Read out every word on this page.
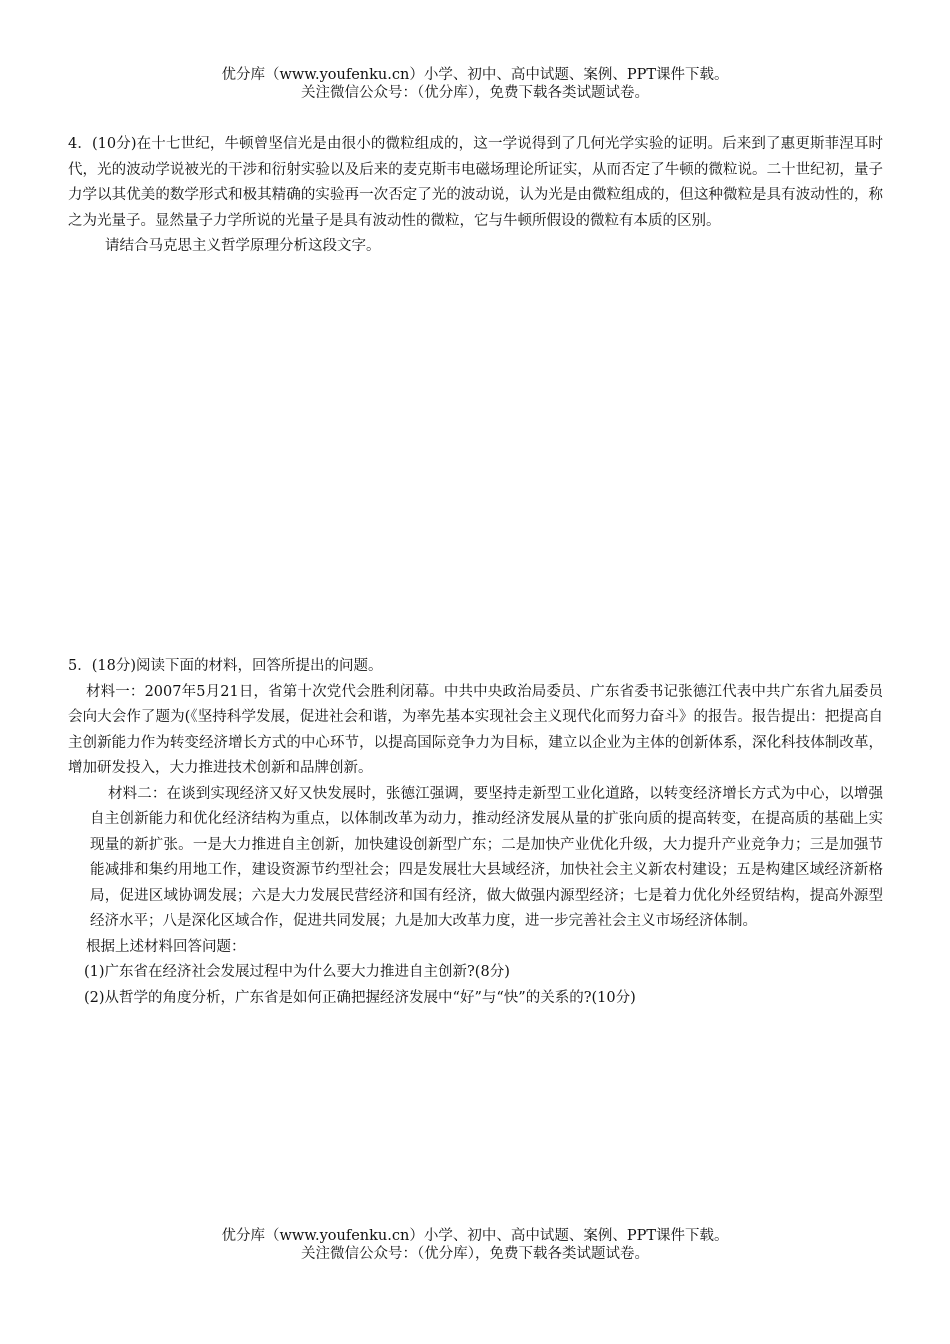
优分库（www.youfenku.cn）小学、初中、高中试题、案例、PPT课件下载。
关注微信公众号：（优分库），免费下载各类试题试卷。

4．(10分)在十七世纪，牛顿曾坚信光是由很小的微粒组成的，这一学说得到了几何光学实验的证明。后来到了惠更斯菲涅耳时代，光的波动学说被光的干涉和衍射实验以及后来的麦克斯韦电磁场理论所证实，从而否定了牛顿的微粒说。二十世纪初，量子力学以其优美的数学形式和极其精确的实验再一次否定了光的波动说，认为光是由微粒组成的，但这种微粒是具有波动性的，称之为光量子。显然量子力学所说的光量子是具有波动性的微粒，它与牛顿所假设的微粒有本质的区别。

请结合马克思主义哲学原理分析这段文字。

5．(18分)阅读下面的材料，回答所提出的问题。

材料一：2007年5月21日，省第十次党代会胜利闭幕。中共中央政治局委员、广东省委书记张德江代表中共广东省九届委员会向大会作了题为(《坚持科学发展，促进社会和谐，为率先基本实现社会主义现代化而努力奋斗》的报告。报告提出：把提高自主创新能力作为转变经济增长方式的中心环节，以提高国际竞争力为目标，建立以企业为主体的创新体系，深化科技体制改革，增加研发投入，大力推进技术创新和品牌创新。

材料二：在谈到实现经济又好又快发展时，张德江强调，要坚持走新型工业化道路，以转变经济增长方式为中心，以增强自主创新能力和优化经济结构为重点，以体制改革为动力，推动经济发展从量的扩张向质的提高转变，在提高质的基础上实现量的新扩张。一是大力推进自主创新，加快建设创新型广东；二是加快产业优化升级，大力提升产业竞争力；三是加强节能减排和集约用地工作，建设资源节约型社会；四是发展壮大县域经济，加快社会主义新农村建设；五是构建区域经济新格局，促进区域协调发展；六是大力发展民营经济和国有经济，做大做强内源型经济；七是着力优化外经贸结构，提高外源型经济水平；八是深化区域合作，促进共同发展；九是加大改革力度，进一步完善社会主义市场经济体制。

根据上述材料回答问题：

(1)广东省在经济社会发展过程中为什么要大力推进自主创新?(8分)

(2)从哲学的角度分析，广东省是如何正确把握经济发展中“好”与“快”的关系的?(10分)

优分库（www.youfenku.cn）小学、初中、高中试题、案例、PPT课件下载。
关注微信公众号：（优分库），免费下载各类试题试卷。
